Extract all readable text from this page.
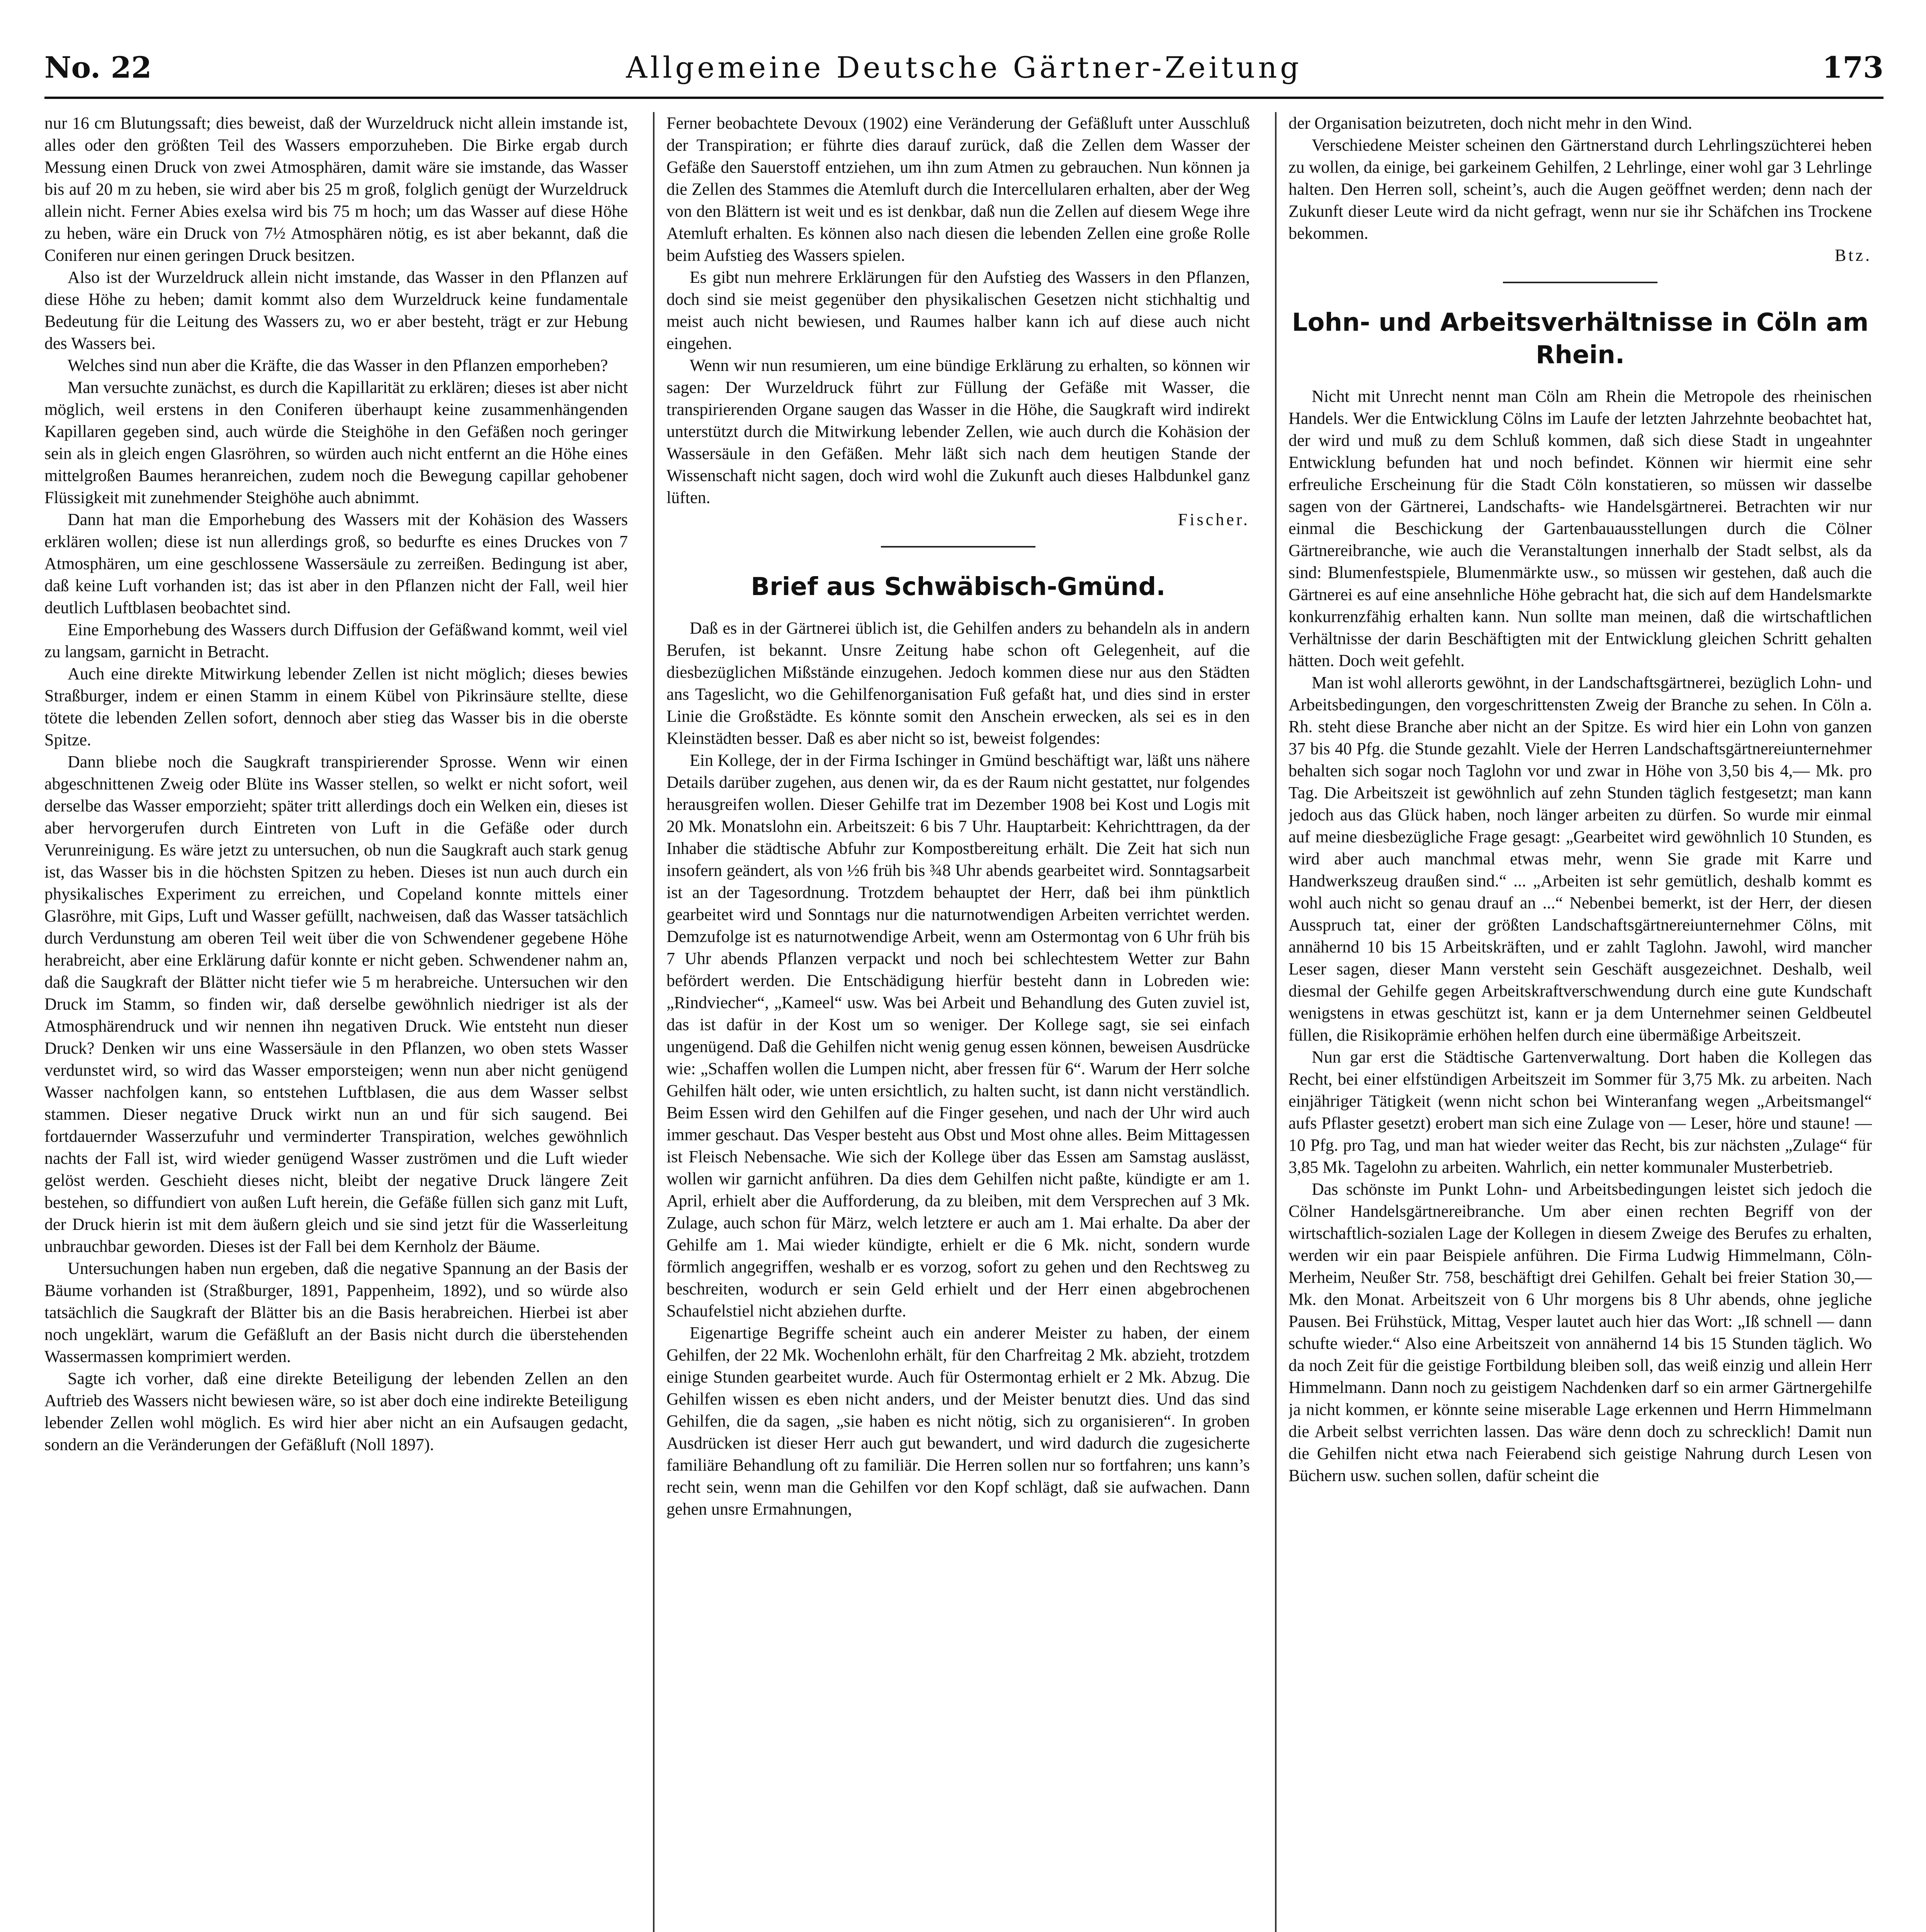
No. 22	Allgemeine Deutsche Gärtner-Zeitung	173

nur 16 cm Blutungssaft; dies beweist, daß der Wurzeldruck nicht allein imstande ist, alles oder den größten Teil des Wassers emporzuheben. Die Birke ergab durch Messung einen Druck von zwei Atmosphären, damit wäre sie imstande, das Wasser bis auf 20 m zu heben, sie wird aber bis 25 m groß, folglich genügt der Wurzeldruck allein nicht. Ferner Abies exelsa wird bis 75 m hoch; um das Wasser auf diese Höhe zu heben, wäre ein Druck von 7½ Atmosphären nötig, es ist aber bekannt, daß die Coniferen nur einen geringen Druck besitzen.

Also ist der Wurzeldruck allein nicht imstande, das Wasser in den Pflanzen auf diese Höhe zu heben; damit kommt also dem Wurzeldruck keine fundamentale Bedeutung für die Leitung des Wassers zu, wo er aber besteht, trägt er zur Hebung des Wassers bei.

Welches sind nun aber die Kräfte, die das Wasser in den Pflanzen emporheben?

Man versuchte zunächst, es durch die Kapillarität zu erklären; dieses ist aber nicht möglich, weil erstens in den Coniferen überhaupt keine zusammenhängenden Kapillaren gegeben sind, auch würde die Steighöhe in den Gefäßen noch geringer sein als in gleich engen Glasröhren, so würden auch nicht entfernt an die Höhe eines mittelgroßen Baumes heranreichen, zudem noch die Bewegung capillar gehobener Flüssigkeit mit zunehmender Steighöhe auch abnimmt.

Dann hat man die Emporhebung des Wassers mit der Kohäsion des Wassers erklären wollen; diese ist nun allerdings groß, so bedurfte es eines Druckes von 7 Atmosphären, um eine geschlossene Wassersäule zu zerreißen. Bedingung ist aber, daß keine Luft vorhanden ist; das ist aber in den Pflanzen nicht der Fall, weil hier deutlich Luftblasen beobachtet sind.

Eine Emporhebung des Wassers durch Diffusion der Gefäßwand kommt, weil viel zu langsam, garnicht in Betracht.

Auch eine direkte Mitwirkung lebender Zellen ist nicht möglich; dieses bewies Straßburger, indem er einen Stamm in einem Kübel von Pikrinsäure stellte, diese tötete die lebenden Zellen sofort, dennoch aber stieg das Wasser bis in die oberste Spitze.

Dann bliebe noch die Saugkraft transpirierender Sprosse. Wenn wir einen abgeschnittenen Zweig oder Blüte ins Wasser stellen, so welkt er nicht sofort, weil derselbe das Wasser emporzieht; später tritt allerdings doch ein Welken ein, dieses ist aber hervorgerufen durch Eintreten von Luft in die Gefäße oder durch Verunreinigung. Es wäre jetzt zu untersuchen, ob nun die Saugkraft auch stark genug ist, das Wasser bis in die höchsten Spitzen zu heben. Dieses ist nun auch durch ein physikalisches Experiment zu erreichen, und Copeland konnte mittels einer Glasröhre, mit Gips, Luft und Wasser gefüllt, nachweisen, daß das Wasser tatsächlich durch Verdunstung am oberen Teil weit über die von Schwendener gegebene Höhe herabreicht, aber eine Erklärung dafür konnte er nicht geben. Schwendener nahm an, daß die Saugkraft der Blätter nicht tiefer wie 5 m herabreiche. Untersuchen wir den Druck im Stamm, so finden wir, daß derselbe gewöhnlich niedriger ist als der Atmosphärendruck und wir nennen ihn negativen Druck. Wie entsteht nun dieser Druck? Denken wir uns eine Wassersäule in den Pflanzen, wo oben stets Wasser verdunstet wird, so wird das Wasser emporsteigen; wenn nun aber nicht genügend Wasser nachfolgen kann, so entstehen Luftblasen, die aus dem Wasser selbst stammen. Dieser negative Druck wirkt nun an und für sich saugend. Bei fortdauernder Wasserzufuhr und verminderter Transpiration, welches gewöhnlich nachts der Fall ist, wird wieder genügend Wasser zuströmen und die Luft wieder gelöst werden. Geschieht dieses nicht, bleibt der negative Druck längere Zeit bestehen, so diffundiert von außen Luft herein, die Gefäße füllen sich ganz mit Luft, der Druck hierin ist mit dem äußern gleich und sie sind jetzt für die Wasserleitung unbrauchbar geworden. Dieses ist der Fall bei dem Kernholz der Bäume.

Untersuchungen haben nun ergeben, daß die negative Spannung an der Basis der Bäume vorhanden ist (Straßburger, 1891, Pappenheim, 1892), und so würde also tatsächlich die Saugkraft der Blätter bis an die Basis herabreichen. Hierbei ist aber noch ungeklärt, warum die Gefäßluft an der Basis nicht durch die überstehenden Wassermassen komprimiert werden.

Sagte ich vorher, daß eine direkte Beteiligung der lebenden Zellen an den Auftrieb des Wassers nicht bewiesen wäre, so ist aber doch eine indirekte Beteiligung lebender Zellen wohl möglich. Es wird hier aber nicht an ein Aufsaugen gedacht, sondern an die Veränderungen der Gefäßluft (Noll 1897).

Ferner beobachtete Devoux (1902) eine Veränderung der Gefäßluft unter Ausschluß der Transpiration; er führte dies darauf zurück, daß die Zellen dem Wasser der Gefäße den Sauerstoff entziehen, um ihn zum Atmen zu gebrauchen. Nun können ja die Zellen des Stammes die Atemluft durch die Intercellularen erhalten, aber der Weg von den Blättern ist weit und es ist denkbar, daß nun die Zellen auf diesem Wege ihre Atemluft erhalten. Es können also nach diesen die lebenden Zellen eine große Rolle beim Aufstieg des Wassers spielen.

Es gibt nun mehrere Erklärungen für den Aufstieg des Wassers in den Pflanzen, doch sind sie meist gegenüber den physikalischen Gesetzen nicht stichhaltig und meist auch nicht bewiesen, und Raumes halber kann ich auf diese auch nicht eingehen.

Wenn wir nun resumieren, um eine bündige Erklärung zu erhalten, so können wir sagen: Der Wurzeldruck führt zur Füllung der Gefäße mit Wasser, die transpirierenden Organe saugen das Wasser in die Höhe, die Saugkraft wird indirekt unterstützt durch die Mitwirkung lebender Zellen, wie auch durch die Kohäsion der Wassersäule in den Gefäßen. Mehr läßt sich nach dem heutigen Stande der Wissenschaft nicht sagen, doch wird wohl die Zukunft auch dieses Halbdunkel ganz lüften.

Fischer.

Brief aus Schwäbisch-Gmünd.

Daß es in der Gärtnerei üblich ist, die Gehilfen anders zu behandeln als in andern Berufen, ist bekannt. Unsre Zeitung habe schon oft Gelegenheit, auf die diesbezüglichen Mißstände einzugehen. Jedoch kommen diese nur aus den Städten ans Tageslicht, wo die Gehilfenorganisation Fuß gefaßt hat, und dies sind in erster Linie die Großstädte. Es könnte somit den Anschein erwecken, als sei es in den Kleinstädten besser. Daß es aber nicht so ist, beweist folgendes:

Ein Kollege, der in der Firma Ischinger in Gmünd beschäftigt war, läßt uns nähere Details darüber zugehen, aus denen wir, da es der Raum nicht gestattet, nur folgendes herausgreifen wollen. Dieser Gehilfe trat im Dezember 1908 bei Kost und Logis mit 20 Mk. Monatslohn ein. Arbeitszeit: 6 bis 7 Uhr. Hauptarbeit: Kehrichttragen, da der Inhaber die städtische Abfuhr zur Kompostbereitung erhält. Die Zeit hat sich nun insofern geändert, als von ½6 früh bis ¾8 Uhr abends gearbeitet wird. Sonntagsarbeit ist an der Tagesordnung. Trotzdem behauptet der Herr, daß bei ihm pünktlich gearbeitet wird und Sonntags nur die naturnotwendigen Arbeiten verrichtet werden. Demzufolge ist es naturnotwendige Arbeit, wenn am Ostermontag von 6 Uhr früh bis 7 Uhr abends Pflanzen verpackt und noch bei schlechtestem Wetter zur Bahn befördert werden. Die Entschädigung hierfür besteht dann in Lobreden wie: „Rindviecher“, „Kameel“ usw. Was bei Arbeit und Behandlung des Guten zuviel ist, das ist dafür in der Kost um so weniger. Der Kollege sagt, sie sei einfach ungenügend. Daß die Gehilfen nicht wenig genug essen können, beweisen Ausdrücke wie: „Schaffen wollen die Lumpen nicht, aber fressen für 6“. Warum der Herr solche Gehilfen hält oder, wie unten ersichtlich, zu halten sucht, ist dann nicht verständlich. Beim Essen wird den Gehilfen auf die Finger gesehen, und nach der Uhr wird auch immer geschaut. Das Vesper besteht aus Obst und Most ohne alles. Beim Mittagessen ist Fleisch Nebensache. Wie sich der Kollege über das Essen am Samstag auslässt, wollen wir garnicht anführen. Da dies dem Gehilfen nicht paßte, kündigte er am 1. April, erhielt aber die Aufforderung, da zu bleiben, mit dem Versprechen auf 3 Mk. Zulage, auch schon für März, welch letztere er auch am 1. Mai erhalte. Da aber der Gehilfe am 1. Mai wieder kündigte, erhielt er die 6 Mk. nicht, sondern wurde förmlich angegriffen, weshalb er es vorzog, sofort zu gehen und den Rechtsweg zu beschreiten, wodurch er sein Geld erhielt und der Herr einen abgebrochenen Schaufelstiel nicht abziehen durfte.

Eigenartige Begriffe scheint auch ein anderer Meister zu haben, der einem Gehilfen, der 22 Mk. Wochenlohn erhält, für den Charfreitag 2 Mk. abzieht, trotzdem einige Stunden gearbeitet wurde. Auch für Ostermontag erhielt er 2 Mk. Abzug. Die Gehilfen wissen es eben nicht anders, und der Meister benutzt dies. Und das sind Gehilfen, die da sagen, „sie haben es nicht nötig, sich zu organisieren“. In groben Ausdrücken ist dieser Herr auch gut bewandert, und wird dadurch die zugesicherte familiäre Behandlung oft zu familiär. Die Herren sollen nur so fortfahren; uns kann’s recht sein, wenn man die Gehilfen vor den Kopf schlägt, daß sie aufwachen. Dann gehen unsre Ermahnungen,

der Organisation beizutreten, doch nicht mehr in den Wind.

Verschiedene Meister scheinen den Gärtnerstand durch Lehrlingszüchterei heben zu wollen, da einige, bei garkeinem Gehilfen, 2 Lehrlinge, einer wohl gar 3 Lehrlinge halten. Den Herren soll, scheint’s, auch die Augen geöffnet werden; denn nach der Zukunft dieser Leute wird da nicht gefragt, wenn nur sie ihr Schäfchen ins Trockene bekommen.

Btz.

Lohn- und Arbeitsverhältnisse in Cöln am Rhein.

Nicht mit Unrecht nennt man Cöln am Rhein die Metropole des rheinischen Handels. Wer die Entwicklung Cölns im Laufe der letzten Jahrzehnte beobachtet hat, der wird und muß zu dem Schluß kommen, daß sich diese Stadt in ungeahnter Entwicklung befunden hat und noch befindet. Können wir hiermit eine sehr erfreuliche Erscheinung für die Stadt Cöln konstatieren, so müssen wir dasselbe sagen von der Gärtnerei, Landschafts- wie Handelsgärtnerei. Betrachten wir nur einmal die Beschickung der Gartenbauausstellungen durch die Cölner Gärtnereibranche, wie auch die Veranstaltungen innerhalb der Stadt selbst, als da sind: Blumenfestspiele, Blumenmärkte usw., so müssen wir gestehen, daß auch die Gärtnerei es auf eine ansehnliche Höhe gebracht hat, die sich auf dem Handelsmarkte konkurrenzfähig erhalten kann. Nun sollte man meinen, daß die wirtschaftlichen Verhältnisse der darin Beschäftigten mit der Entwicklung gleichen Schritt gehalten hätten. Doch weit gefehlt.

Man ist wohl allerorts gewöhnt, in der Landschaftsgärtnerei, bezüglich Lohn- und Arbeitsbedingungen, den vorgeschrittensten Zweig der Branche zu sehen. In Cöln a. Rh. steht diese Branche aber nicht an der Spitze. Es wird hier ein Lohn von ganzen 37 bis 40 Pfg. die Stunde gezahlt. Viele der Herren Landschaftsgärtnereiunternehmer behalten sich sogar noch Taglohn vor und zwar in Höhe von 3,50 bis 4,— Mk. pro Tag. Die Arbeitszeit ist gewöhnlich auf zehn Stunden täglich festgesetzt; man kann jedoch aus das Glück haben, noch länger arbeiten zu dürfen. So wurde mir einmal auf meine diesbezügliche Frage gesagt: „Gearbeitet wird gewöhnlich 10 Stunden, es wird aber auch manchmal etwas mehr, wenn Sie grade mit Karre und Handwerkszeug draußen sind.“ ... „Arbeiten ist sehr gemütlich, deshalb kommt es wohl auch nicht so genau drauf an ...“ Nebenbei bemerkt, ist der Herr, der diesen Ausspruch tat, einer der größten Landschaftsgärtnereiunternehmer Cölns, mit annähernd 10 bis 15 Arbeitskräften, und er zahlt Taglohn. Jawohl, wird mancher Leser sagen, dieser Mann versteht sein Geschäft ausgezeichnet. Deshalb, weil diesmal der Gehilfe gegen Arbeitskraftverschwendung durch eine gute Kundschaft wenigstens in etwas geschützt ist, kann er ja dem Unternehmer seinen Geldbeutel füllen, die Risikoprämie erhöhen helfen durch eine übermäßige Arbeitszeit.

Nun gar erst die Städtische Gartenverwaltung. Dort haben die Kollegen das Recht, bei einer elfstündigen Arbeitszeit im Sommer für 3,75 Mk. zu arbeiten. Nach einjähriger Tätigkeit (wenn nicht schon bei Winteranfang wegen „Arbeitsmangel“ aufs Pflaster gesetzt) erobert man sich eine Zulage von — Leser, höre und staune! — 10 Pfg. pro Tag, und man hat wieder weiter das Recht, bis zur nächsten „Zulage“ für 3,85 Mk. Tagelohn zu arbeiten. Wahrlich, ein netter kommunaler Musterbetrieb.

Das schönste im Punkt Lohn- und Arbeitsbedingungen leistet sich jedoch die Cölner Handelsgärtnereibranche. Um aber einen rechten Begriff von der wirtschaftlich-sozialen Lage der Kollegen in diesem Zweige des Berufes zu erhalten, werden wir ein paar Beispiele anführen. Die Firma Ludwig Himmelmann, Cöln-Merheim, Neußer Str. 758, beschäftigt drei Gehilfen. Gehalt bei freier Station 30,— Mk. den Monat. Arbeitszeit von 6 Uhr morgens bis 8 Uhr abends, ohne jegliche Pausen. Bei Frühstück, Mittag, Vesper lautet auch hier das Wort: „Iß schnell — dann schufte wieder.“ Also eine Arbeitszeit von annähernd 14 bis 15 Stunden täglich. Wo da noch Zeit für die geistige Fortbildung bleiben soll, das weiß einzig und allein Herr Himmelmann. Dann noch zu geistigem Nachdenken darf so ein armer Gärtnergehilfe ja nicht kommen, er könnte seine miserable Lage erkennen und Herrn Himmelmann die Arbeit selbst verrichten lassen. Das wäre denn doch zu schrecklich! Damit nun die Gehilfen nicht etwa nach Feierabend sich geistige Nahrung durch Lesen von Büchern usw. suchen sollen, dafür scheint die
